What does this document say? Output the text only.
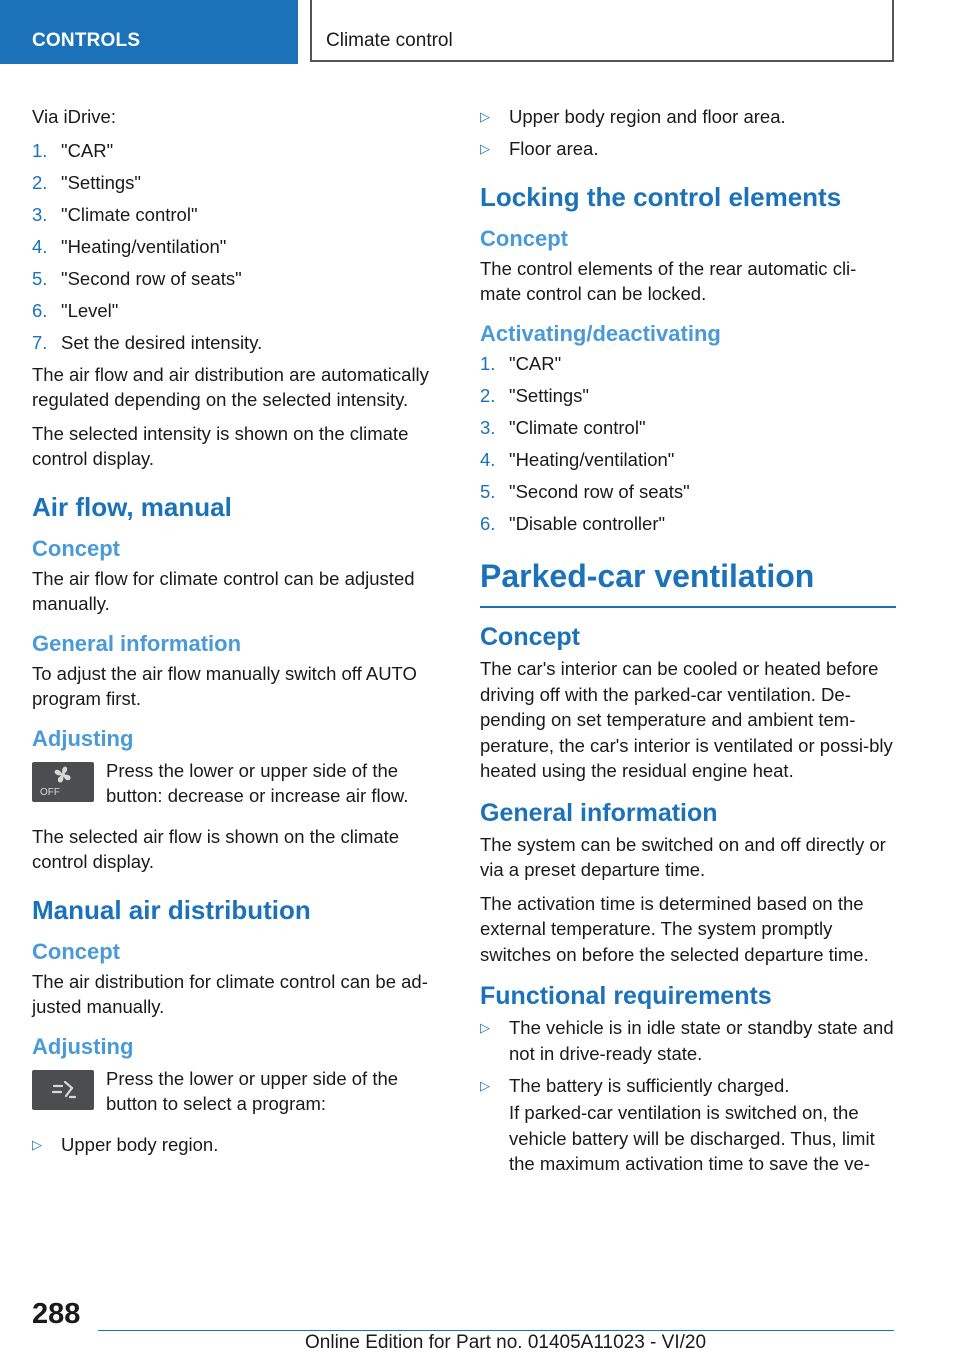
CONTROLS	Climate control

Via iDrive:

1. "CAR"
2. "Settings"
3. "Climate control"
4. "Heating/ventilation"
5. "Second row of seats"
6. "Level"
7. Set the desired intensity.

The air flow and air distribution are automatically regulated depending on the selected intensity.

The selected intensity is shown on the climate control display.

Air flow, manual
Concept

The air flow for climate control can be adjusted manually.

General information

To adjust the air flow manually switch off AUTO program first.

Adjusting
OFF

Press the lower or upper side of the button: decrease or increase air flow.

The selected air flow is shown on the climate control display.

Manual air distribution
Concept

The air distribution for climate control can be ad‐justed manually.

Adjusting

Press the lower or upper side of the button to select a program:

▷ Upper body region.
▷ Upper body region and floor area.
▷ Floor area.
Locking the control elements
Concept

The control elements of the rear automatic cli‐mate control can be locked.

Activating/deactivating
1. "CAR"
2. "Settings"
3. "Climate control"
4. "Heating/ventilation"
5. "Second row of seats"
6. "Disable controller"
Parked-car ventilation
Concept

The car's interior can be cooled or heated before driving off with the parked-car ventilation. De‐pending on set temperature and ambient tem‐perature, the car's interior is ventilated or possi‐bly heated using the residual engine heat.

General information

The system can be switched on and off directly or via a preset departure time.

The activation time is determined based on the external temperature. The system promptly switches on before the selected departure time.

Functional requirements
▷ The vehicle is in idle state or standby state and not in drive-ready state.
▷ The battery is sufficiently charged.

If parked-car ventilation is switched on, the vehicle battery will be discharged. Thus, limit the maximum activation time to save the ve‐

288
Online Edition for Part no. 01405A11023 - VI/20
